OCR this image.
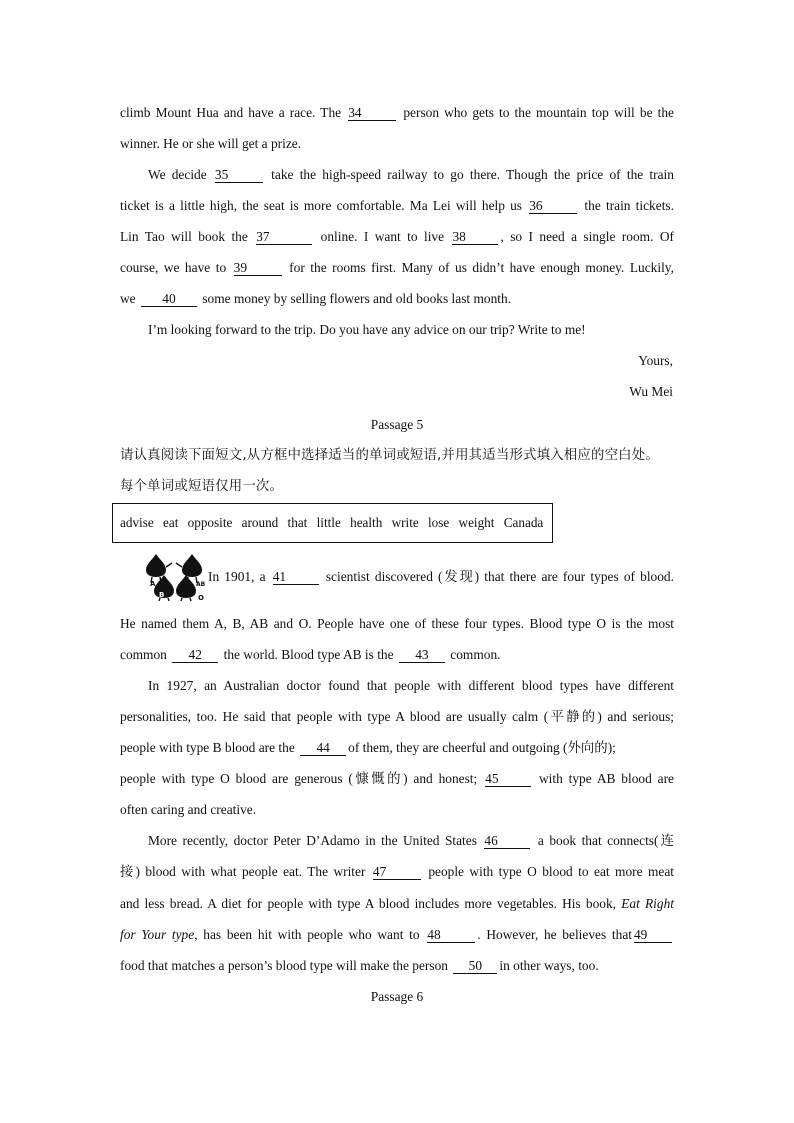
climb Mount Hua and have a race. The 34	person who gets to the mountain top will be the
winner. He or she will get a prize.
We decide 35	take the high-speed railway to go there. Though the price of the train
ticket is a little high, the seat is more comfortable. Ma Lei will help us 36	the train tickets.
Lin Tao will book the 37	online. I want to live 38	, so I need a single room. Of
course, we have to 39	for the rooms first. Many of us didn’t have enough money. Luckily,
we 40 some money by selling flowers and old books last month.
I’m looking forward to the trip. Do you have any advice on our trip? Write to me!
Yours,
Wu Mei
Passage 5
请认真阅读下面短文,从方框中选择适当的单词或短语,并用其适当形式填入相应的空白处。
每个单词或短语仅用一次。
advise eat opposite around that little health write lose weight Canada
A	AB
B	O
In 1901, a 41	scientist discovered (发现) that there are four types of blood.
He named them A, B, AB and O. People have one of these four types. Blood type O is the most
common 42 the world. Blood type AB is the 43 common.
In 1927, an Australian doctor found that people with different blood types have different
personalities, too. He said that people with type A blood are usually calm (平静的) and serious;
people with type B blood are the 44 of them, they are cheerful and outgoing (外向的);
people with type O blood are generous (慷慨的) and honest; 45	with type AB blood are
often caring and creative.
More recently, doctor Peter D’Adamo in the United States 46	a book that connects(连
接) blood with what people eat. The writer 47	people with type O blood to eat more meat
and less bread. A diet for people with type A blood includes more vegetables. His book, Eat Right
for Your type, has been hit with people who want to 48	. However, he believes that 49
food that matches a person’s blood type will make the person 50 in other ways, too.
Passage 6
